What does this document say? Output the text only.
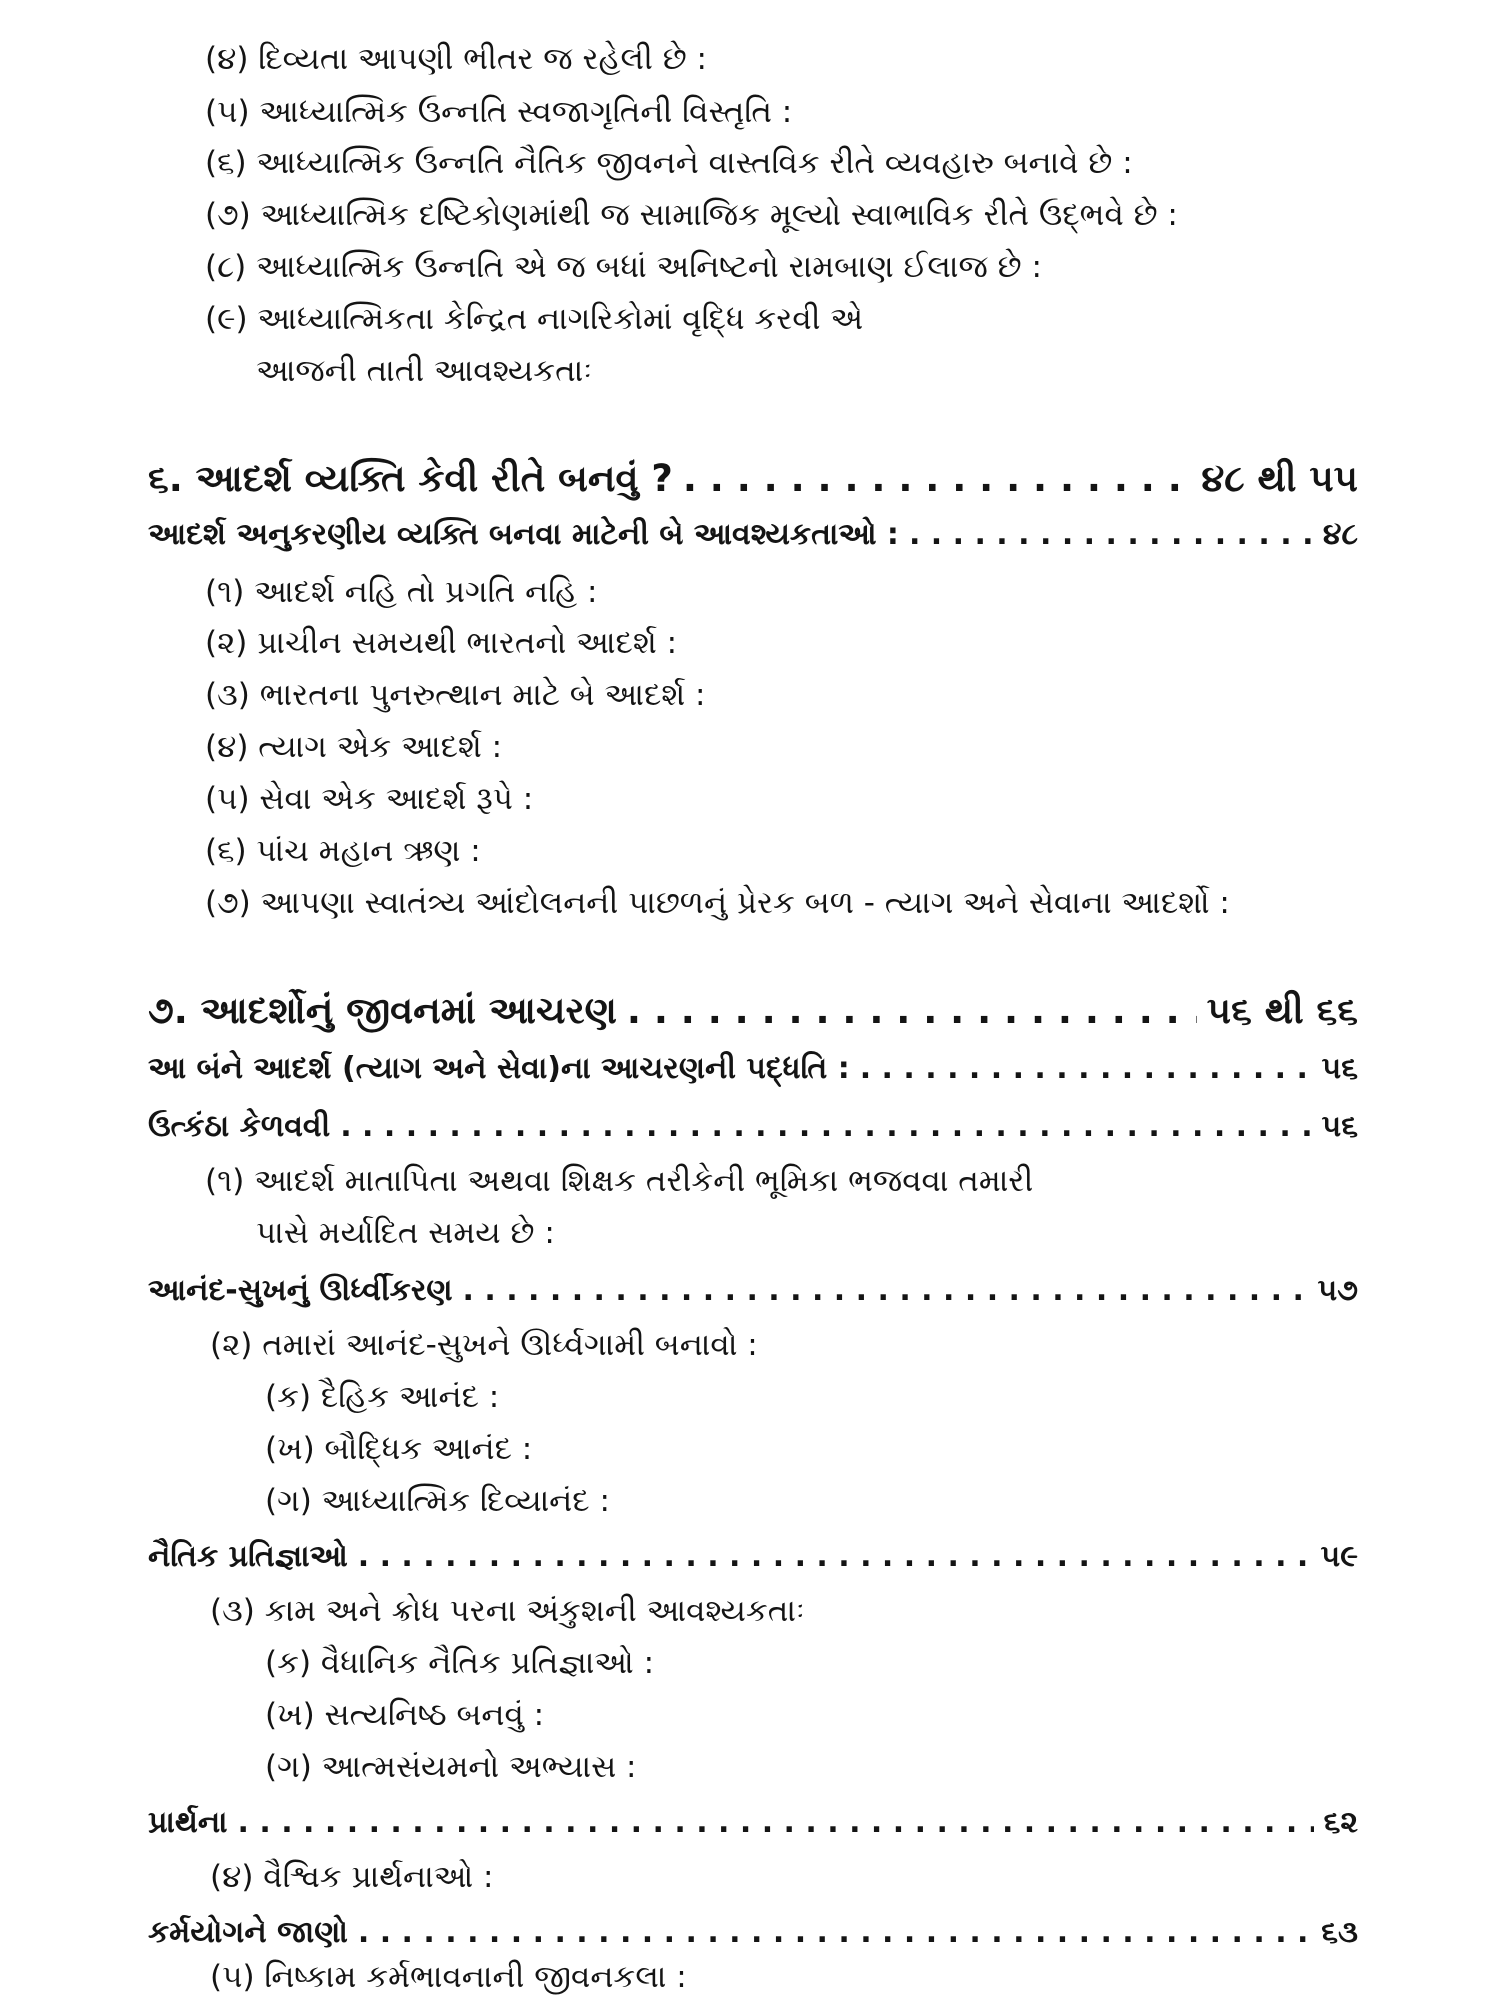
(૪) દિવ્યતા આપણી ભીતર જ રહેલી છે :
(૫) આધ્યાત્મિક ઉન્નતિ સ્વજાગૃતિની વિસ્તૃતિ :
(૬) આધ્યાત્મિક ઉન્નતિ નૈતિક જીવનને વાસ્તવિક રીતે વ્યવહારુ બનાવે છે :
(૭) આધ્યાત્મિક દષ્ટિકોણમાંથી જ સામાજિક મૂલ્યો સ્વાભાવિક રીતે ઉદ્ભવે છે :
(૮) આધ્યાત્મિક ઉન્નતિ એ જ બધાં અનિષ્ટનો રામબાણ ઈલાજ છે :
(૯) આધ્યાત્મિકતા કેન્દ્રિત નાગરિકોમાં વૃદ્ધિ કરવી એ
આજની તાતી આવશ્યકતાઃ
૬. આદર્શ વ્યક્તિ કેવી રીતે બનવું ? . . .	૪૮ થી ૫૫
આદર્શ અનુકરણીય વ્યક્તિ બનવા માટેની બે આવશ્યકતાઓ : . . .	૪૮
(૧) આદર્શ નહિ તો પ્રગતિ નહિ :
(૨) પ્રાચીન સમયથી ભારતનો આદર્શ :
(૩) ભારતના પુનરુત્થાન માટે બે આદર્શ :
(૪) ત્યાગ એક આદર્શ :
(૫) સેવા એક આદર્શ રૂપે :
(૬) પાંચ મહાન ઋણ :
(૭) આપણા સ્વાતંત્ર્ય આંદોલનની પાછળનું પ્રેરક બળ - ત્યાગ અને સેવાના આદર્શો :
૭. આદર્શોનું જીવનમાં આચરણ . . .	૫૬ થી ૬૬
આ બંને આદર્શ (ત્યાગ અને સેવા)ના આચરણની પદ્ધતિ : . . .	૫૬
ઉત્કંઠા કેળવવી . . .	૫૬
(૧) આદર્શ માતાપિતા અથવા શિક્ષક તરીકેની ભૂમિકા ભજવવા તમારી
પાસે મર્યાદિત સમય છે :
આનંદ-સુખનું ઊર્ધ્વીકરણ . . .	૫૭
(૨) તમારાં આનંદ-સુખને ઊર્ધ્વગામી બનાવો :
(ક) દૈહિક આનંદ :
(ખ) બૌદ્ધિક આનંદ :
(ગ) આધ્યાત્મિક દિવ્યાનંદ :
નૈતિક પ્રતિજ્ઞાઓ . . .	૫૯
(૩) કામ અને ક્રોધ પરના અંકુશની આવશ્યકતાઃ
(ક) વૈધાનિક નૈતિક પ્રતિજ્ઞાઓ :
(ખ) સત્યનિષ્ઠ બનવું :
(ગ) આત્મસંયમનો અભ્યાસ :
પ્રાર્થના . . .	૬૨
(૪) વૈશ્વિક પ્રાર્થનાઓ :
કર્મયોગને જાણો . . .	૬૩
(૫) નિષ્કામ કર્મભાવનાની જીવનકલા :
